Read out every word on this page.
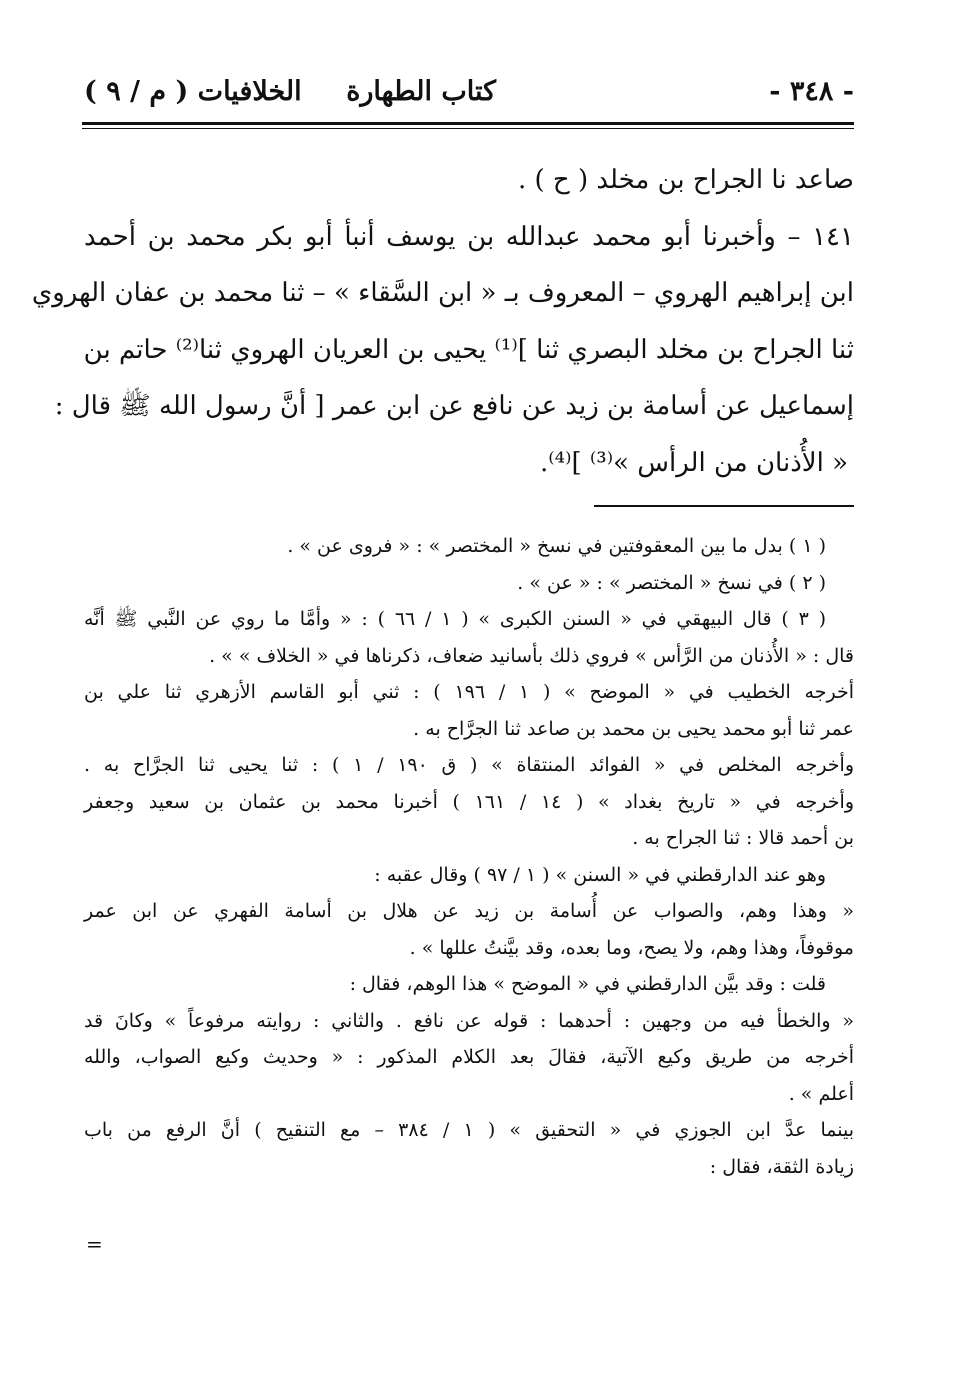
- ٣٤٨ -
كتاب الطهارة
الخلافيات ( م / ٩ )
صاعد نا الجراح بن مخلد ( ح ) .
١٤١ – وأخبرنا أبو محمد عبدالله بن يوسف أنبأ أبو بكر محمد بن أحمد
ابن إبراهيم الهروي – المعروف بـ « ابن السَّقاء » – ثنا محمد بن عفان الهروي
ثنا الجراح بن مخلد البصري ثنا ]⁽¹⁾ يحيى بن العريان الهروي ثنا⁽²⁾ حاتم بن
إسماعيل عن أسامة بن زيد عن نافع عن ابن عمر [ أنَّ رسول الله ﷺ قال :
« الأُذنان من الرأس »⁽³⁾ ]⁽⁴⁾.
( ١ ) بدل ما بين المعقوفتين في نسخ « المختصر » : « فروى عن » .
( ٢ ) في نسخ « المختصر » : « عن » .
( ٣ ) قال البيهقي في « السنن الكبرى » ( ١ / ٦٦ ) : « وأمَّا ما روي عن النَّبي ﷺ أنَّه
قال : « الأُذنان من الرَّأس » فروي ذلك بأسانيد ضعاف، ذكرناها في « الخلاف » » .
أخرجه الخطيب في « الموضح » ( ١ / ١٩٦ ) : ثني أبو القاسم الأزهري ثنا علي بن
عمر ثنا أبو محمد يحيى بن محمد بن صاعد ثنا الجرَّاح به .
وأخرجه المخلص في « الفوائد المنتقاة » ( ق ١٩٠ / ١ ) : ثنا يحيى ثنا الجرَّاح به .
وأخرجه في « تاريخ بغداد » ( ١٤ / ١٦١ ) أخبرنا محمد بن عثمان بن سعيد وجعفر
بن أحمد قالا : ثنا الجراح به .
وهو عند الدارقطني في « السنن » ( ١ / ٩٧ ) وقال عقبه :
« وهذا وهم، والصواب عن أُسامة بن زيد عن هلال بن أسامة الفهري عن ابن عمر
موقوفاً، وهذا وهم، ولا يصح، وما بعده، وقد بيَّنتُ عللها » .
قلت : وقد بيَّن الدارقطني في « الموضح » هذا الوهم، فقال :
« والخطأ فيه من وجهين : أحدهما : قوله عن نافع . والثاني : روايته مرفوعاً » وكانَ قد
أخرجه من طريق وكيع الآتية، فقالَ بعد الكلام المذكور : « وحديث وكيع الصواب، والله
أعلم » .
بينما عدَّ ابن الجوزي في « التحقيق » ( ١ / ٣٨٤ – مع التنقيح ) أنَّ الرفع من باب
زيادة الثقة، فقال :
=
